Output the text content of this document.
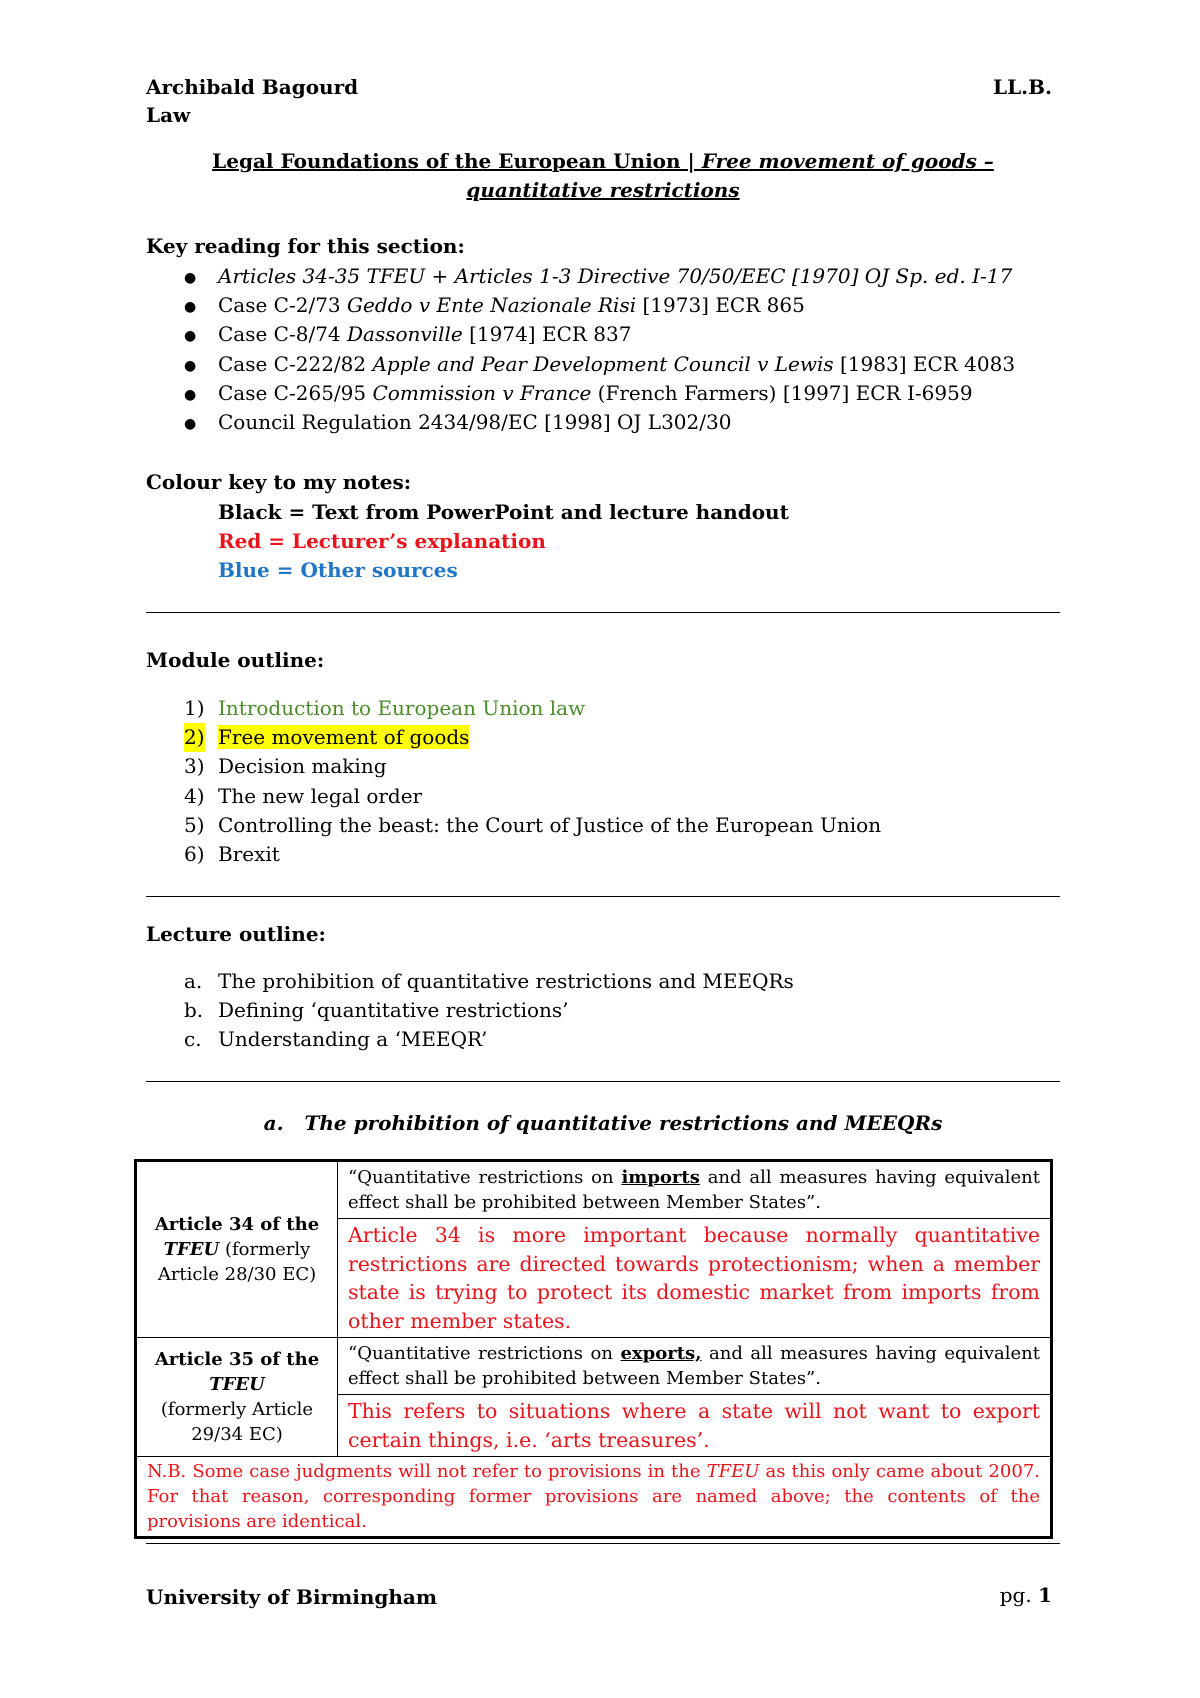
Archibald Bagourd	LL.B.
Law
Legal Foundations of the European Union | Free movement of goods – quantitative restrictions
Key reading for this section:
● Articles 34-35 TFEU + Articles 1-3 Directive 70/50/EEC [1970] OJ Sp. ed. I-17
● Case C-2/73 Geddo v Ente Nazionale Risi [1973] ECR 865
● Case C-8/74 Dassonville [1974] ECR 837
● Case C-222/82 Apple and Pear Development Council v Lewis [1983] ECR 4083
● Case C-265/95 Commission v France (French Farmers) [1997] ECR I-6959
● Council Regulation 2434/98/EC [1998] OJ L302/30
Colour key to my notes:
Black = Text from PowerPoint and lecture handout
Red = Lecturer’s explanation
Blue = Other sources
Module outline:
1) Introduction to European Union law
2) Free movement of goods
3) Decision making
4) The new legal order
5) Controlling the beast: the Court of Justice of the European Union
6) Brexit
Lecture outline:
a. The prohibition of quantitative restrictions and MEEQRs
b. Defining ‘quantitative restrictions’
c. Understanding a ‘MEEQR’
a. The prohibition of quantitative restrictions and MEEQRs
Article 34 of the
TFEU (formerly Article 28/30 EC)	“Quantitative restrictions on imports and all measures having equivalent effect shall be prohibited between Member States”.
	Article 34 is more important because normally quantitative restrictions are directed towards protectionism; when a member state is trying to protect its domestic market from imports from other member states.
Article 35 of the
TFEU
(formerly Article 29/34 EC)	“Quantitative restrictions on exports, and all measures having equivalent effect shall be prohibited between Member States”.
	This refers to situations where a state will not want to export certain things, i.e. ‘arts treasures’.
N.B. Some case judgments will not refer to provisions in the TFEU as this only came about 2007. For that reason, corresponding former provisions are named above; the contents of the provisions are identical.	
University of Birmingham	pg. 1
